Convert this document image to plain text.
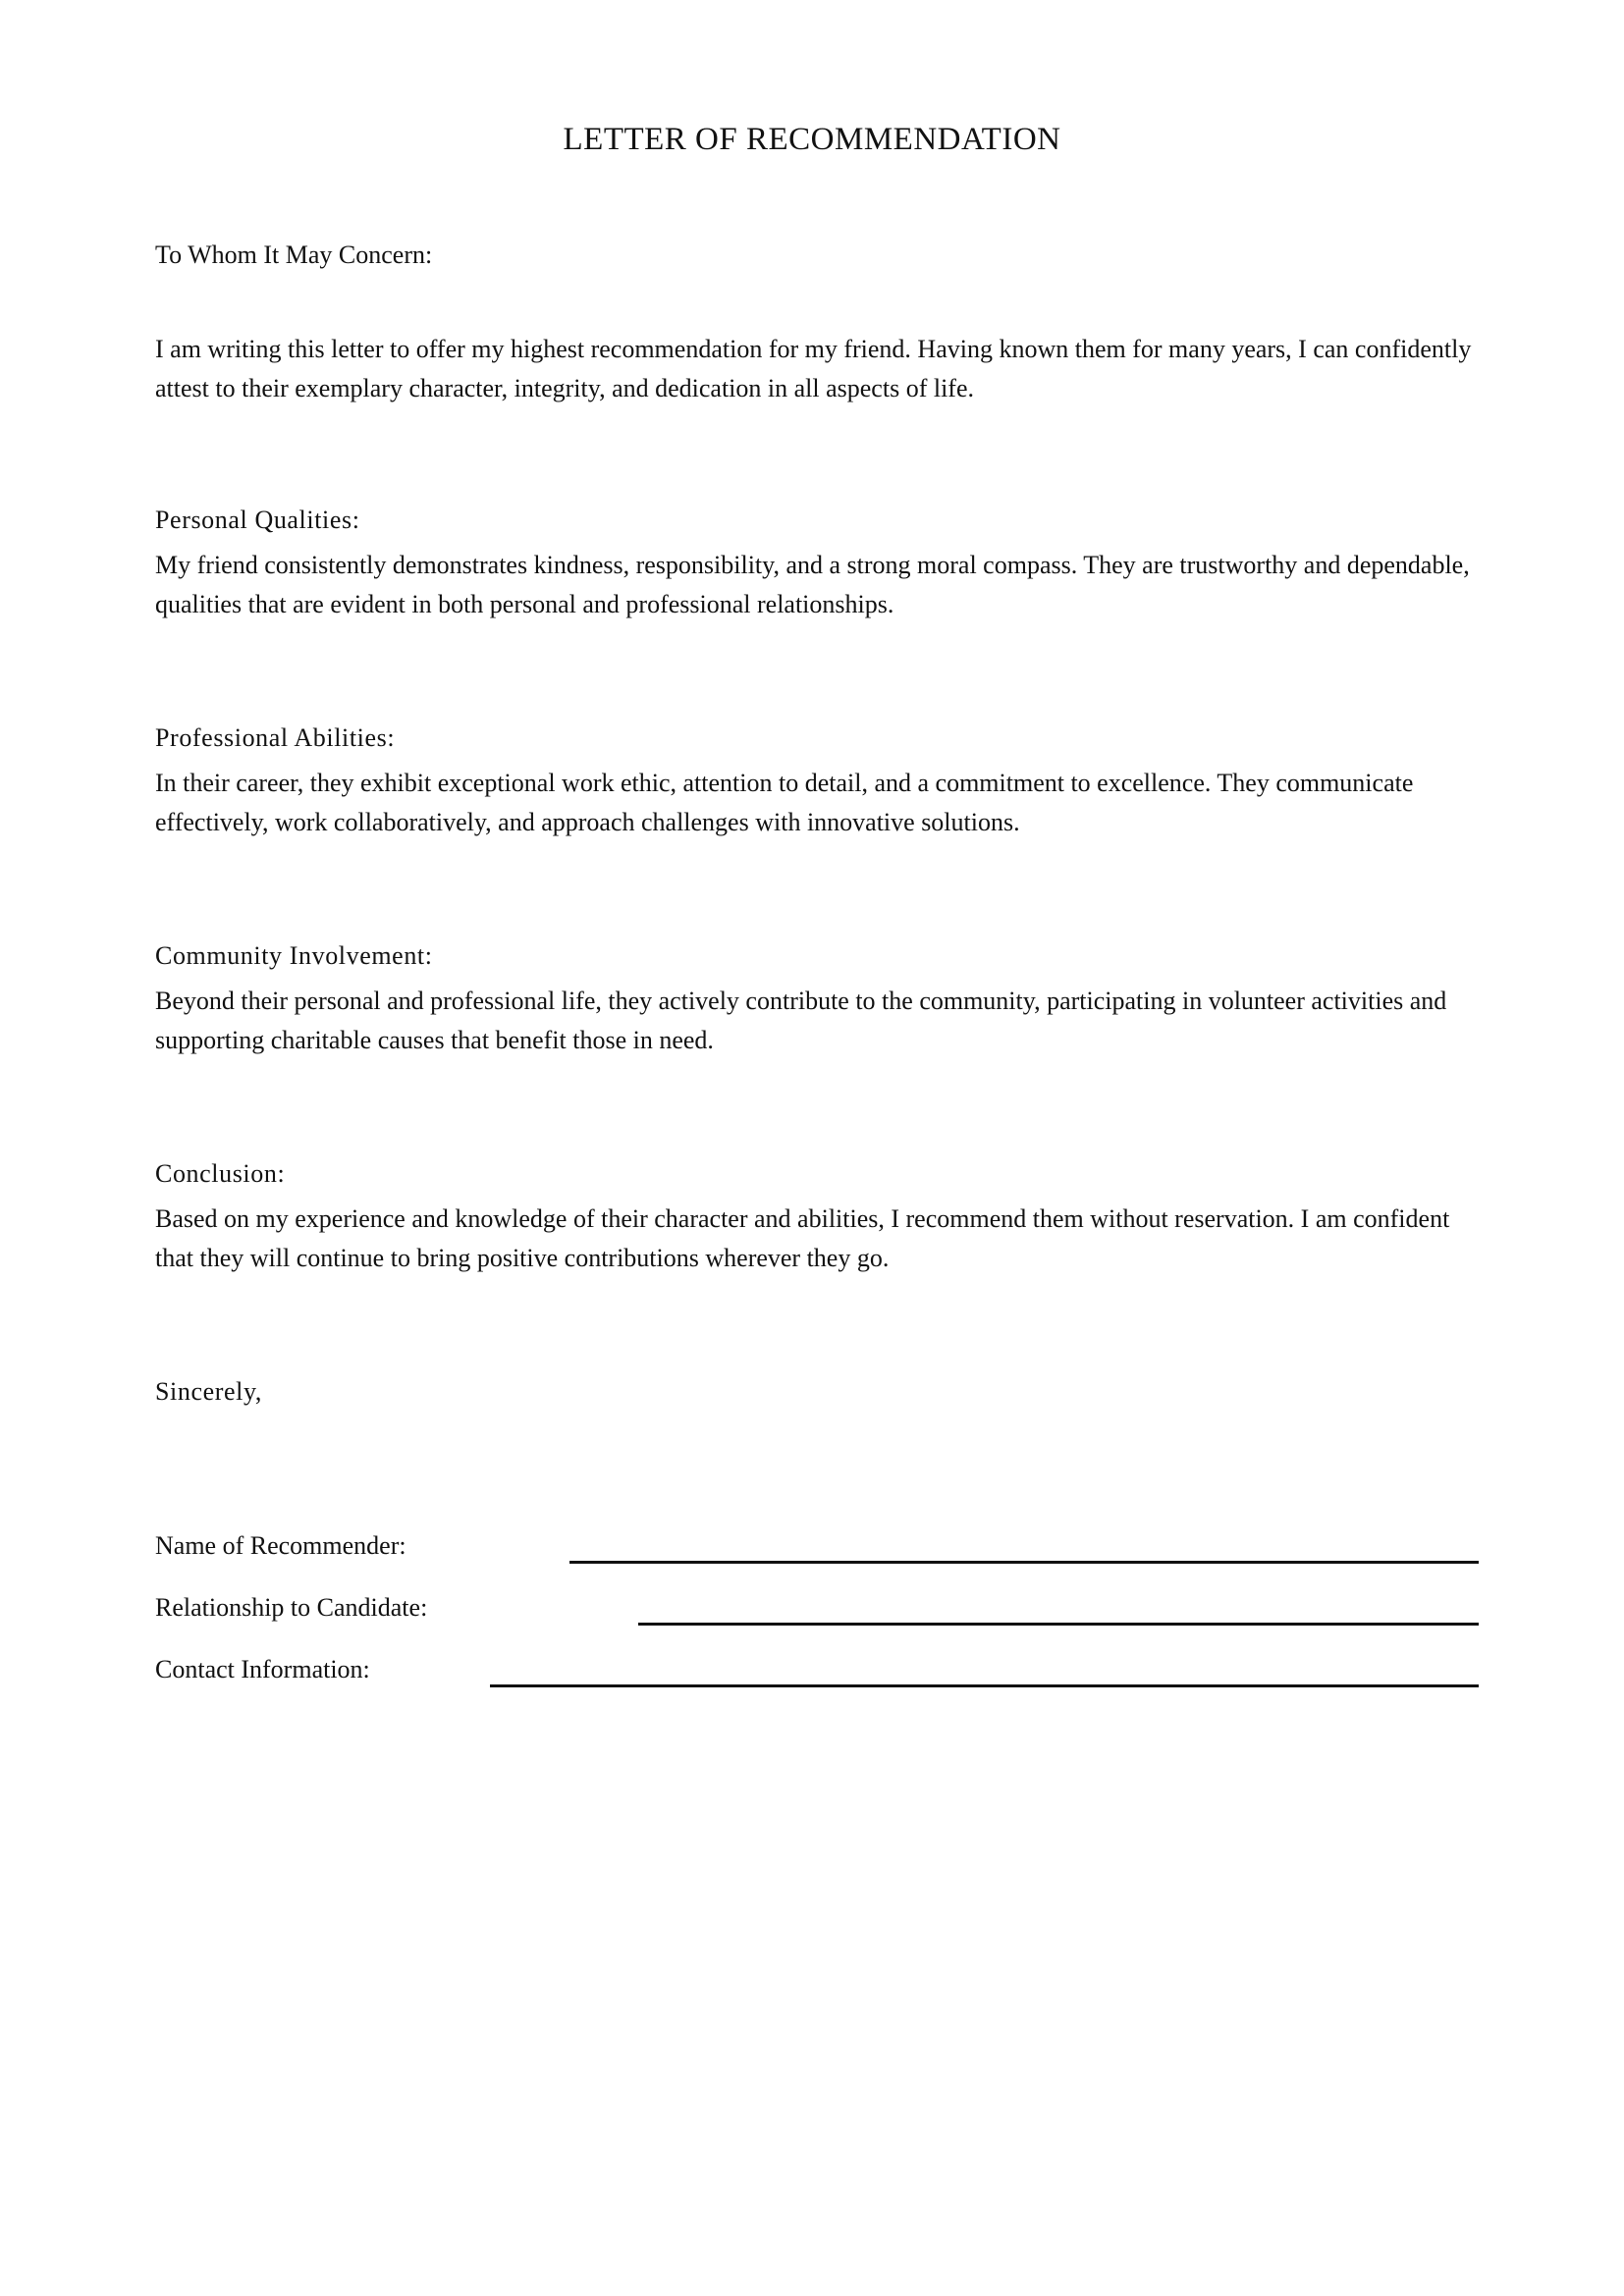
LETTER OF RECOMMENDATION
To Whom It May Concern:
I am writing this letter to offer my highest recommendation for my friend. Having known them for many years, I can confidently attest to their exemplary character, integrity, and dedication in all aspects of life.
Personal Qualities:
My friend consistently demonstrates kindness, responsibility, and a strong moral compass. They are trustworthy and dependable, qualities that are evident in both personal and professional relationships.
Professional Abilities:
In their career, they exhibit exceptional work ethic, attention to detail, and a commitment to excellence. They communicate effectively, work collaboratively, and approach challenges with innovative solutions.
Community Involvement:
Beyond their personal and professional life, they actively contribute to the community, participating in volunteer activities and supporting charitable causes that benefit those in need.
Conclusion:
Based on my experience and knowledge of their character and abilities, I recommend them without reservation. I am confident that they will continue to bring positive contributions wherever they go.
Sincerely,
Name of Recommender:
Relationship to Candidate:
Contact Information:
